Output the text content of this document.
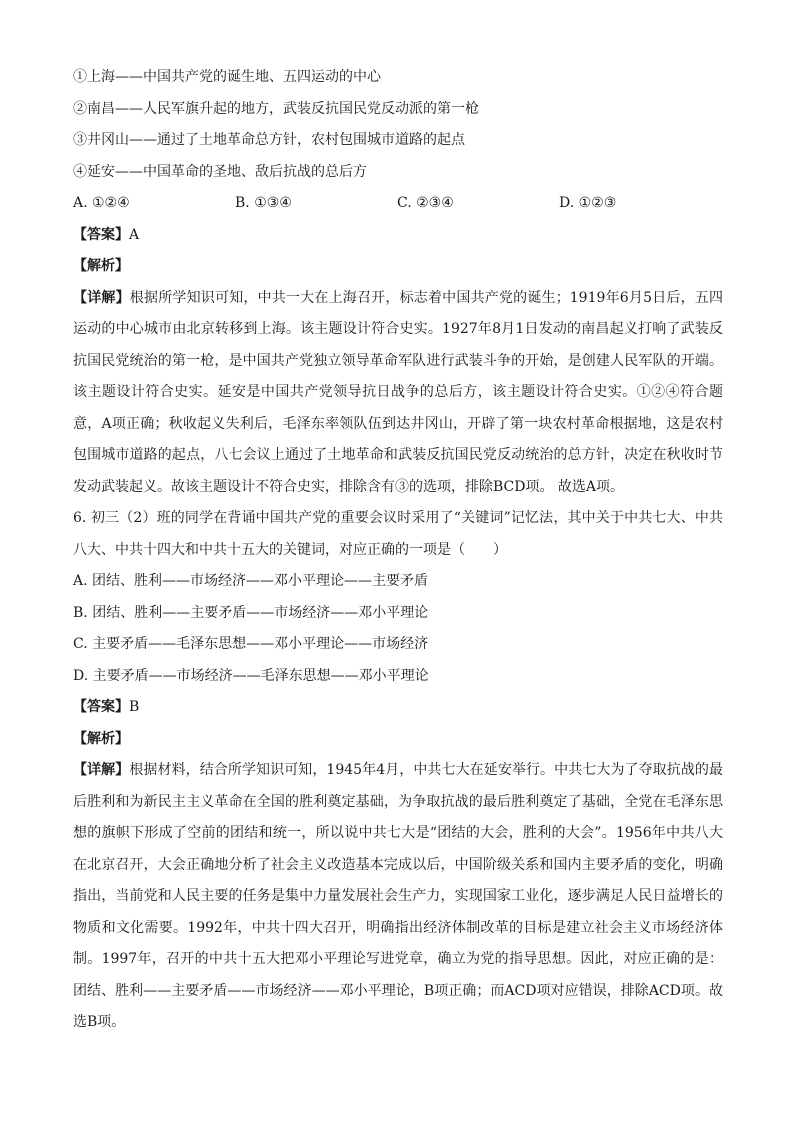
①上海——中国共产党的诞生地、五四运动的中心
②南昌——人民军旗升起的地方，武装反抗国民党反动派的第一枪
③井冈山——通过了土地革命总方针，农村包围城市道路的起点
④延安——中国革命的圣地、敌后抗战的总后方
A. ①②④	B. ①③④	C. ②③④	D. ①②③
【答案】A
【解析】
【详解】根据所学知识可知，中共一大在上海召开，标志着中国共产党的诞生；1919年6月5日后，五四运动的中心城市由北京转移到上海。该主题设计符合史实。1927年8月1日发动的南昌起义打响了武装反抗国民党统治的第一枪，是中国共产党独立领导革命军队进行武装斗争的开始，是创建人民军队的开端。该主题设计符合史实。延安是中国共产党领导抗日战争的总后方，该主题设计符合史实。①②④符合题意，A项正确；秋收起义失利后，毛泽东率领队伍到达井冈山，开辟了第一块农村革命根据地，这是农村包围城市道路的起点，八七会议上通过了土地革命和武装反抗国民党反动统治的总方针，决定在秋收时节发动武装起义。故该主题设计不符合史实，排除含有③的选项，排除BCD项。 故选A项。
6. 初三（2）班的同学在背诵中国共产党的重要会议时采用了“关键词”记忆法，其中关于中共七大、中共八大、中共十四大和中共十五大的关键词，对应正确的一项是（　　）
A. 团结、胜利——市场经济——邓小平理论——主要矛盾
B. 团结、胜利——主要矛盾——市场经济——邓小平理论
C. 主要矛盾——毛泽东思想——邓小平理论——市场经济
D. 主要矛盾——市场经济——毛泽东思想——邓小平理论
【答案】B
【解析】
【详解】根据材料，结合所学知识可知，1945年4月，中共七大在延安举行。中共七大为了夺取抗战的最后胜利和为新民主主义革命在全国的胜利奠定基础，为争取抗战的最后胜利奠定了基础，全党在毛泽东思想的旗帜下形成了空前的团结和统一，所以说中共七大是“团结的大会，胜利的大会”。1956年中共八大在北京召开，大会正确地分析了社会主义改造基本完成以后，中国阶级关系和国内主要矛盾的变化，明确指出，当前党和人民主要的任务是集中力量发展社会生产力，实现国家工业化，逐步满足人民日益增长的物质和文化需要。1992年，中共十四大召开，明确指出经济体制改革的目标是建立社会主义市场经济体制。1997年，召开的中共十五大把邓小平理论写进党章，确立为党的指导思想。因此，对应正确的是：团结、胜利——主要矛盾——市场经济——邓小平理论，B项正确；而ACD项对应错误，排除ACD项。故选B项。
